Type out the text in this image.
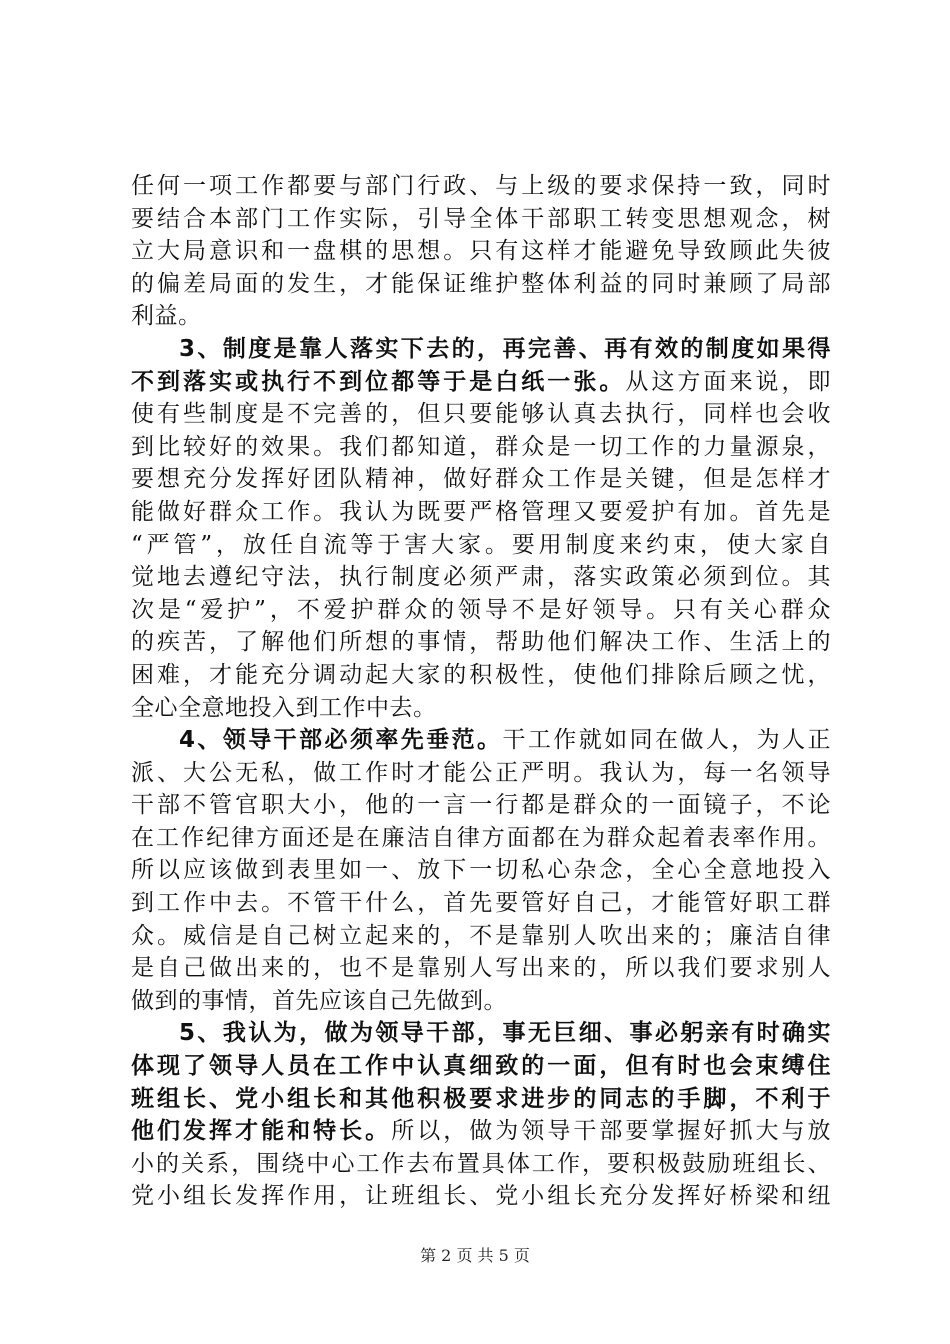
任何一项工作都要与部门行政、与上级的要求保持一致，同时
要结合本部门工作实际，引导全体干部职工转变思想观念，树
立大局意识和一盘棋的思想。只有这样才能避免导致顾此失彼
的偏差局面的发生，才能保证维护整体利益的同时兼顾了局部
利益。
3、制度是靠人落实下去的，再完善、再有效的制度如果得
不到落实或执行不到位都等于是白纸一张。从这方面来说，即
使有些制度是不完善的，但只要能够认真去执行，同样也会收
到比较好的效果。我们都知道，群众是一切工作的力量源泉，
要想充分发挥好团队精神，做好群众工作是关键，但是怎样才
能做好群众工作。我认为既要严格管理又要爱护有加。首先是
“严管”，放任自流等于害大家。要用制度来约束，使大家自
觉地去遵纪守法，执行制度必须严肃，落实政策必须到位。其
次是“爱护”，不爱护群众的领导不是好领导。只有关心群众
的疾苦，了解他们所想的事情，帮助他们解决工作、生活上的
困难，才能充分调动起大家的积极性，使他们排除后顾之忧，
全心全意地投入到工作中去。
4、领导干部必须率先垂范。干工作就如同在做人，为人正
派、大公无私，做工作时才能公正严明。我认为，每一名领导
干部不管官职大小，他的一言一行都是群众的一面镜子，不论
在工作纪律方面还是在廉洁自律方面都在为群众起着表率作用。
所以应该做到表里如一、放下一切私心杂念，全心全意地投入
到工作中去。不管干什么，首先要管好自己，才能管好职工群
众。威信是自己树立起来的，不是靠别人吹出来的；廉洁自律
是自己做出来的，也不是靠别人写出来的，所以我们要求别人
做到的事情，首先应该自己先做到。
5、我认为，做为领导干部，事无巨细、事必躬亲有时确实
体现了领导人员在工作中认真细致的一面，但有时也会束缚住
班组长、党小组长和其他积极要求进步的同志的手脚，不利于
他们发挥才能和特长。所以，做为领导干部要掌握好抓大与放
小的关系，围绕中心工作去布置具体工作，要积极鼓励班组长、
党小组长发挥作用，让班组长、党小组长充分发挥好桥梁和纽
第 2 页 共 5 页
